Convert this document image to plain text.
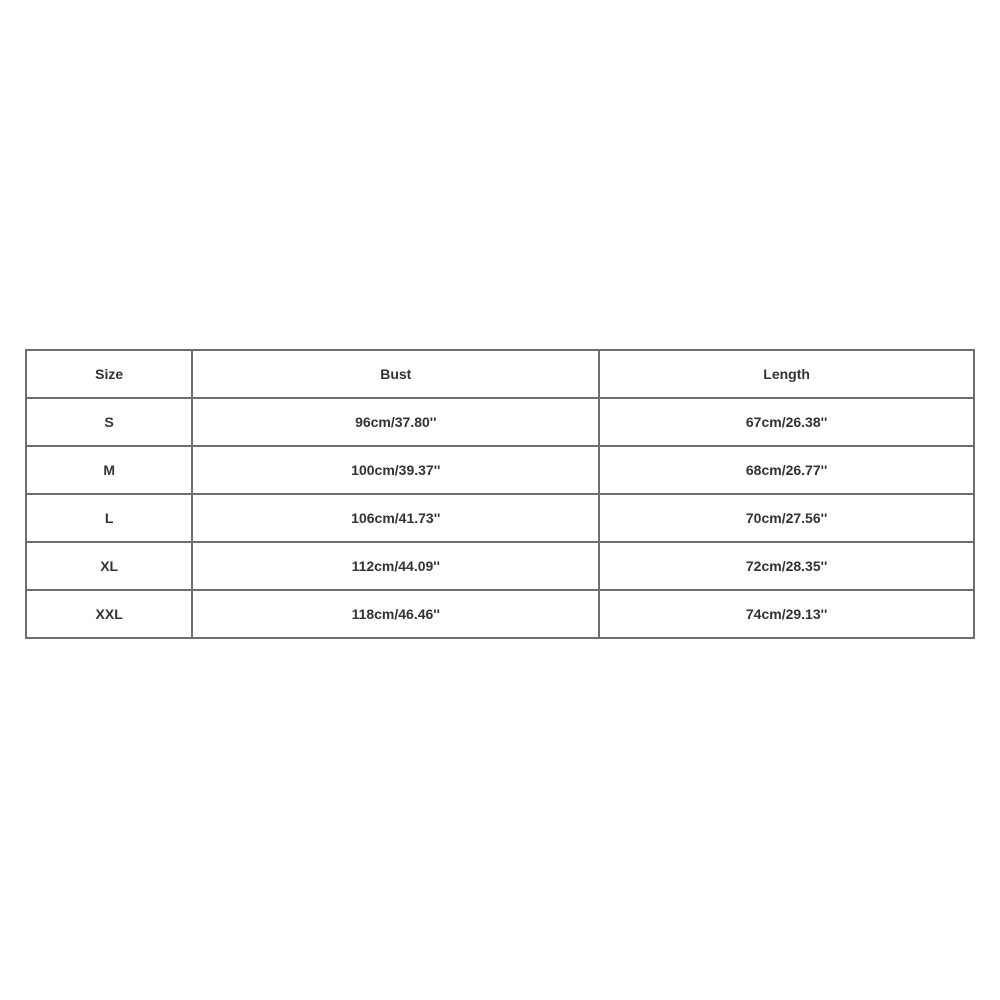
Size	Bust	Length
S	96cm/37.80''	67cm/26.38''
M	100cm/39.37''	68cm/26.77''
L	106cm/41.73''	70cm/27.56''
XL	112cm/44.09''	72cm/28.35''
XXL	118cm/46.46''	74cm/29.13''
